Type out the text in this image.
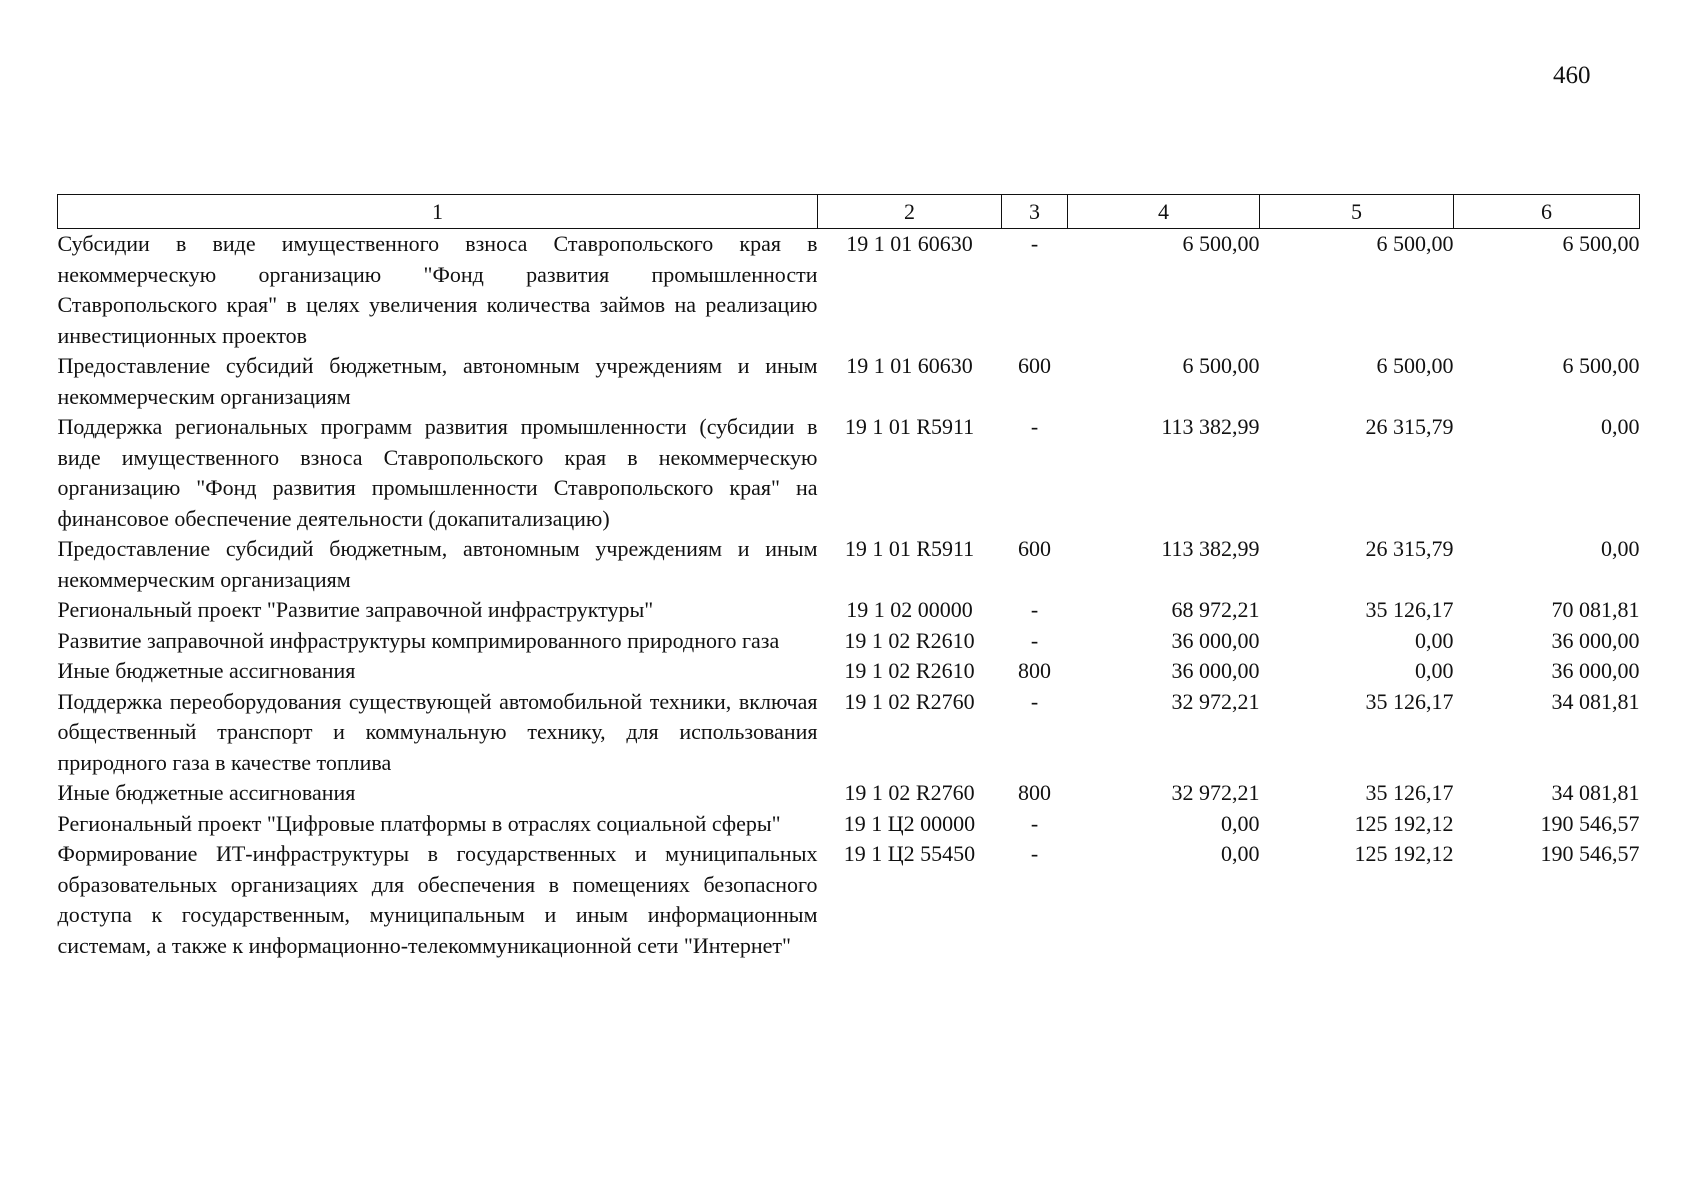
460
1	2	3	4	5	6
Субсидии в виде имущественного взноса Ставропольского края в некоммерческую организацию "Фонд развития промышленности Ставропольского края" в целях увеличения количества займов на реализацию инвестиционных проектов	19 1 01 60630	-	6 500,00	6 500,00	6 500,00
Предоставление субсидий бюджетным, автономным учреждениям и иным некоммерческим организациям	19 1 01 60630	600	6 500,00	6 500,00	6 500,00
Поддержка региональных программ развития промышленности (субсидии в виде имущественного взноса Ставропольского края в некоммерческую организацию "Фонд развития промышленности Ставропольского края" на финансовое обеспечение деятельности (докапитализацию)	19 1 01 R5911	-	113 382,99	26 315,79	0,00
Предоставление субсидий бюджетным, автономным учреждениям и иным некоммерческим организациям	19 1 01 R5911	600	113 382,99	26 315,79	0,00
Региональный проект "Развитие заправочной инфраструктуры"	19 1 02 00000	-	68 972,21	35 126,17	70 081,81
Развитие заправочной инфраструктуры компримированного природного газа	19 1 02 R2610	-	36 000,00	0,00	36 000,00
Иные бюджетные ассигнования	19 1 02 R2610	800	36 000,00	0,00	36 000,00
Поддержка переоборудования существующей автомобильной техники, включая общественный транспорт и коммунальную технику, для использования природного газа в качестве топлива	19 1 02 R2760	-	32 972,21	35 126,17	34 081,81
Иные бюджетные ассигнования	19 1 02 R2760	800	32 972,21	35 126,17	34 081,81
Региональный проект "Цифровые платформы в отраслях социальной сферы"	19 1 Ц2 00000	-	0,00	125 192,12	190 546,57
Формирование ИТ-инфраструктуры в государственных и муниципальных образовательных организациях для обеспечения в помещениях безопасного доступа к государственным, муниципальным и иным информационным системам, а также к информационно-телекоммуникационной сети "Интернет"	19 1 Ц2 55450	-	0,00	125 192,12	190 546,57
